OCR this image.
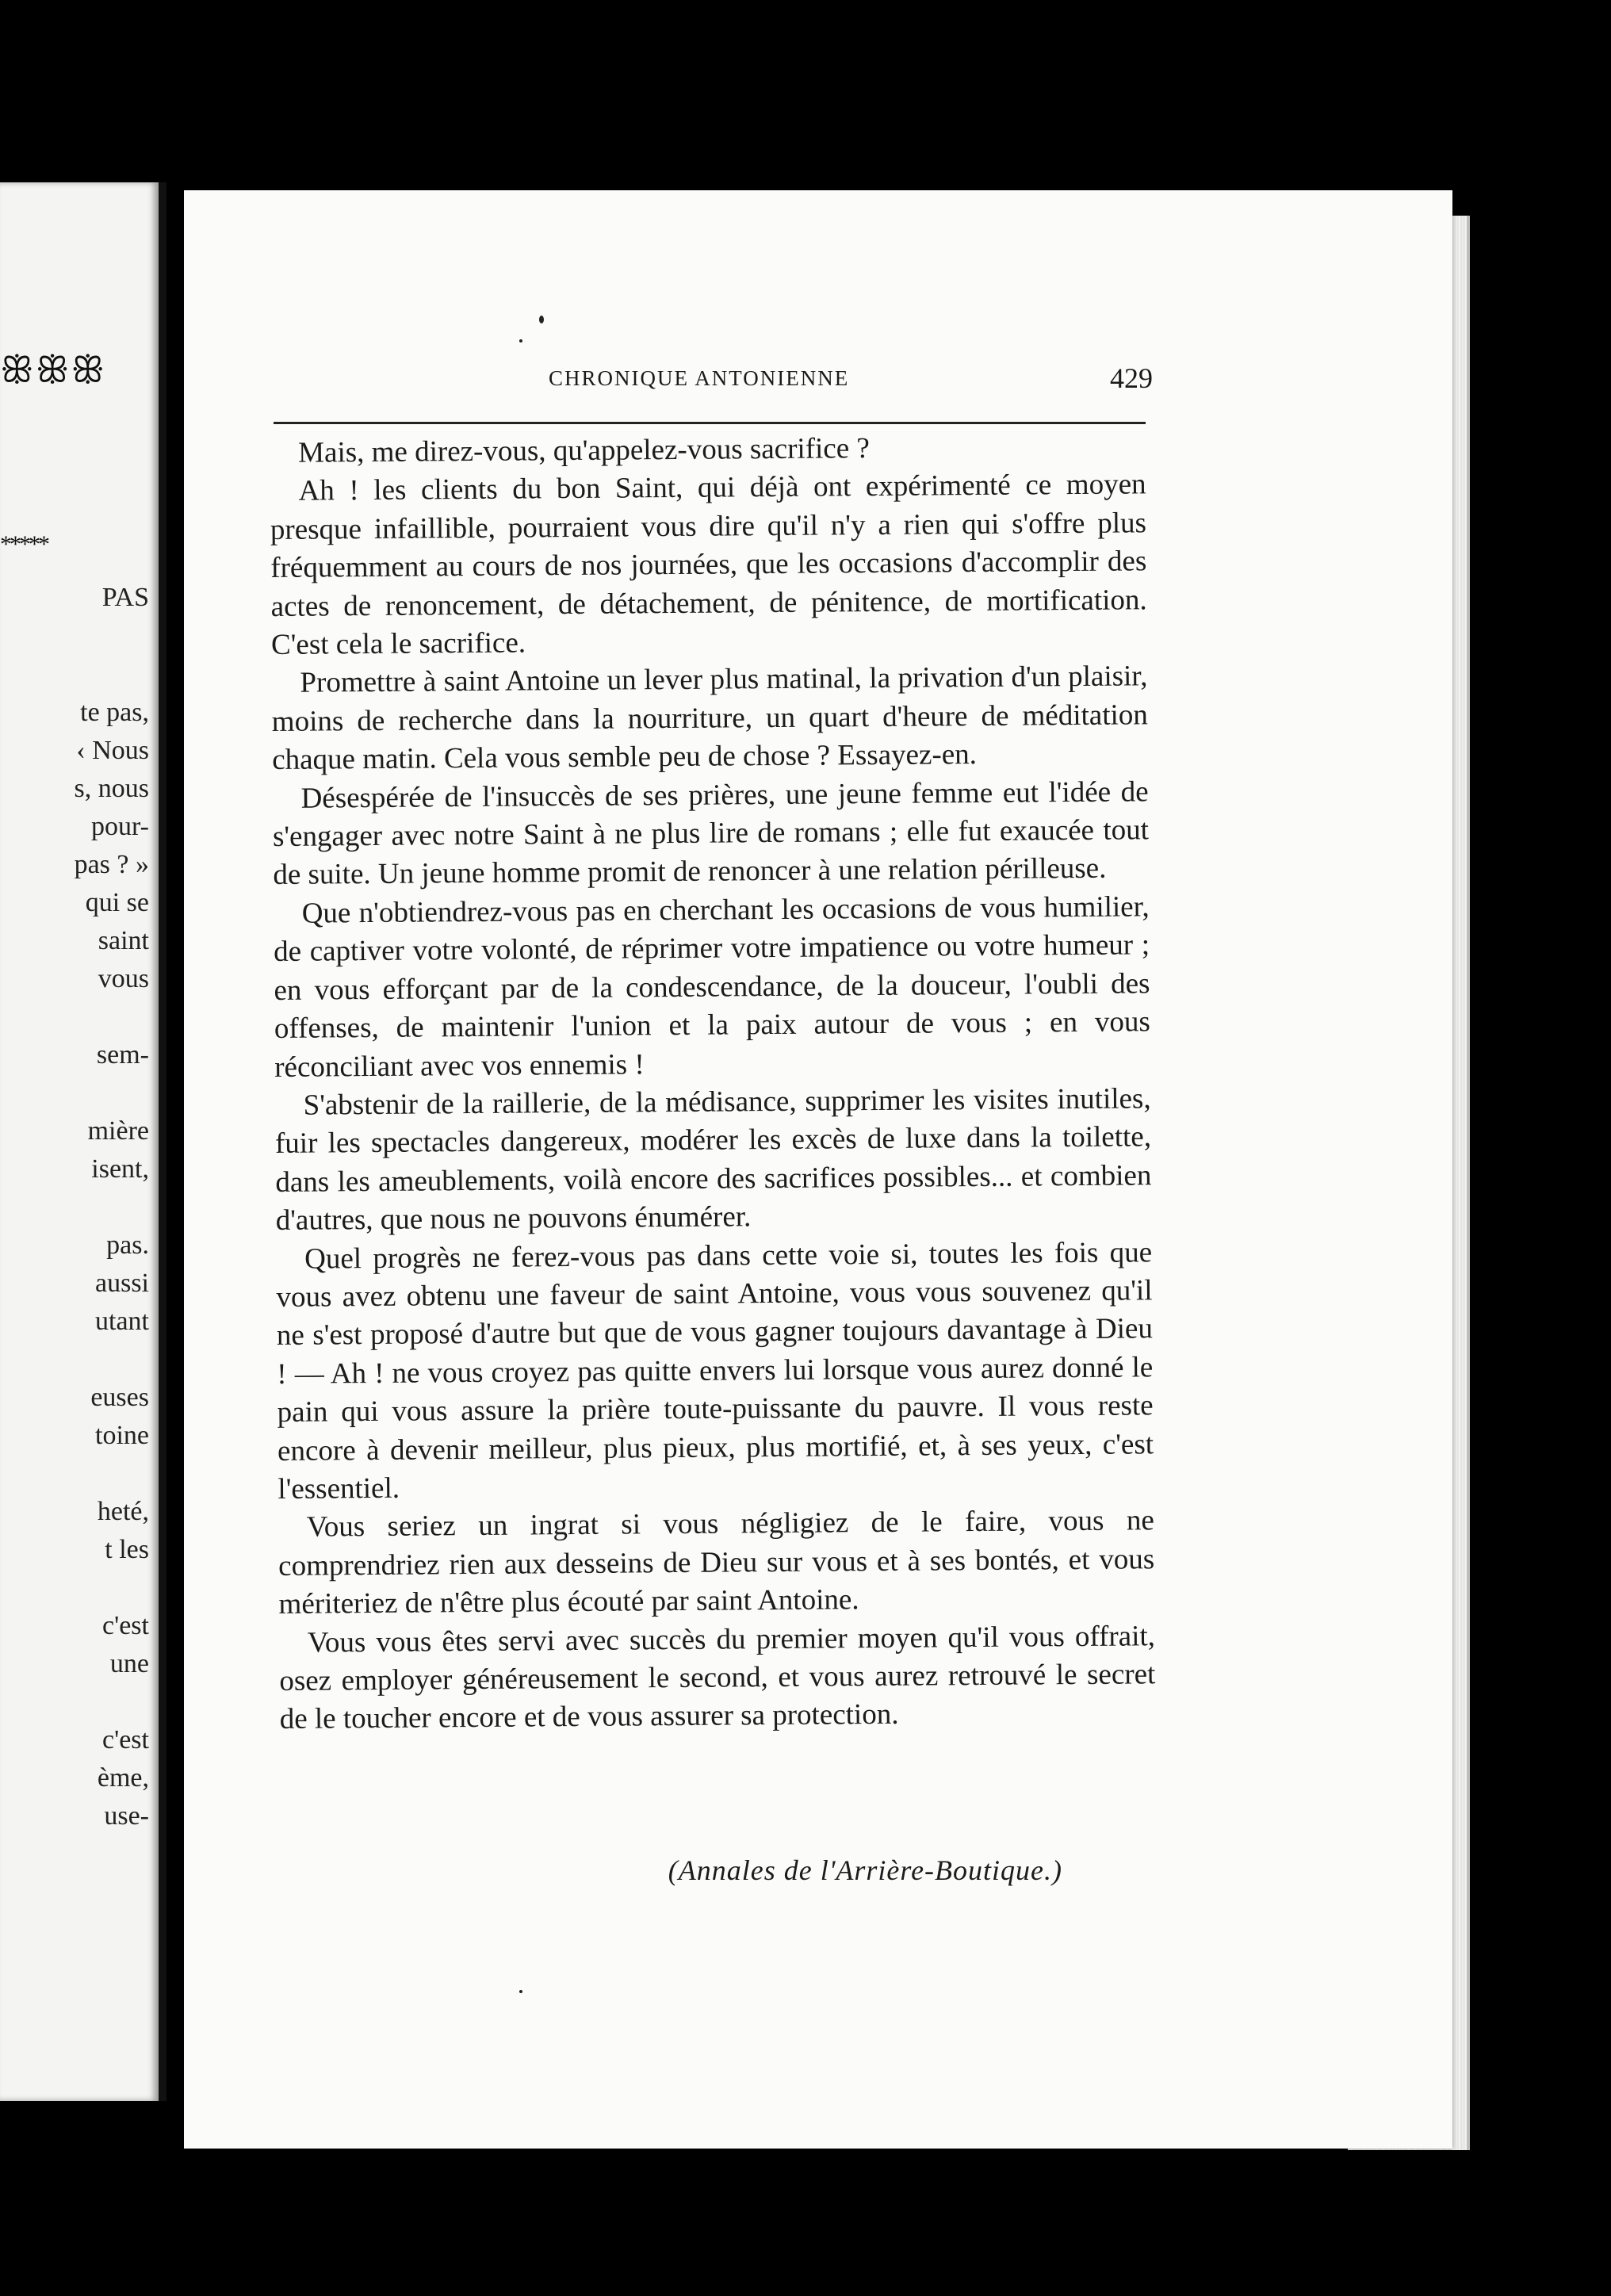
ꕥꕥꕥ
*****
PAS
te pas,
‹ Nous
s, nous
pour-
pas ? »
qui se
saint
vous
sem-
mière
isent,
pas.
aussi
utant
euses
toine
heté,
t les
c'est
une
c'est
ème,
use-
CHRONIQUE ANTONIENNE	429

Mais, me direz-vous, qu'appelez-vous sacrifice ?

Ah ! les clients du bon Saint, qui déjà ont expérimenté ce moyen presque infaillible, pourraient vous dire qu'il n'y a rien qui s'offre plus fréquemment au cours de nos journées, que les occasions d'accomplir des actes de renoncement, de détachement, de pénitence, de mortification. C'est cela le sacrifice.

Promettre à saint Antoine un lever plus matinal, la privation d'un plaisir, moins de recherche dans la nourriture, un quart d'heure de méditation chaque matin. Cela vous semble peu de chose ? Essayez-en.

Désespérée de l'insuccès de ses prières, une jeune femme eut l'idée de s'engager avec notre Saint à ne plus lire de romans ; elle fut exaucée tout de suite. Un jeune homme promit de renoncer à une relation périlleuse.

Que n'obtiendrez-vous pas en cherchant les occasions de vous humilier, de captiver votre volonté, de réprimer votre impatience ou votre humeur ; en vous efforçant par de la condescendance, de la douceur, l'oubli des offenses, de maintenir l'union et la paix autour de vous ; en vous réconciliant avec vos ennemis !

S'abstenir de la raillerie, de la médisance, supprimer les visites inutiles, fuir les spectacles dangereux, modérer les excès de luxe dans la toilette, dans les ameublements, voilà encore des sacrifices possibles... et combien d'autres, que nous ne pouvons énumérer.

Quel progrès ne ferez-vous pas dans cette voie si, toutes les fois que vous avez obtenu une faveur de saint Antoine, vous vous souvenez qu'il ne s'est proposé d'autre but que de vous gagner toujours davantage à Dieu ! — Ah ! ne vous croyez pas quitte envers lui lorsque vous aurez donné le pain qui vous assure la prière toute-puissante du pauvre. Il vous reste encore à devenir meilleur, plus pieux, plus mortifié, et, à ses yeux, c'est l'essentiel.

Vous seriez un ingrat si vous négligiez de le faire, vous ne comprendriez rien aux desseins de Dieu sur vous et à ses bontés, et vous mériteriez de n'être plus écouté par saint Antoine.

Vous vous êtes servi avec succès du premier moyen qu'il vous offrait, osez employer généreusement le second, et vous aurez retrouvé le secret de le toucher encore et de vous assurer sa protection.

(Annales de l'Arrière-Boutique.)
